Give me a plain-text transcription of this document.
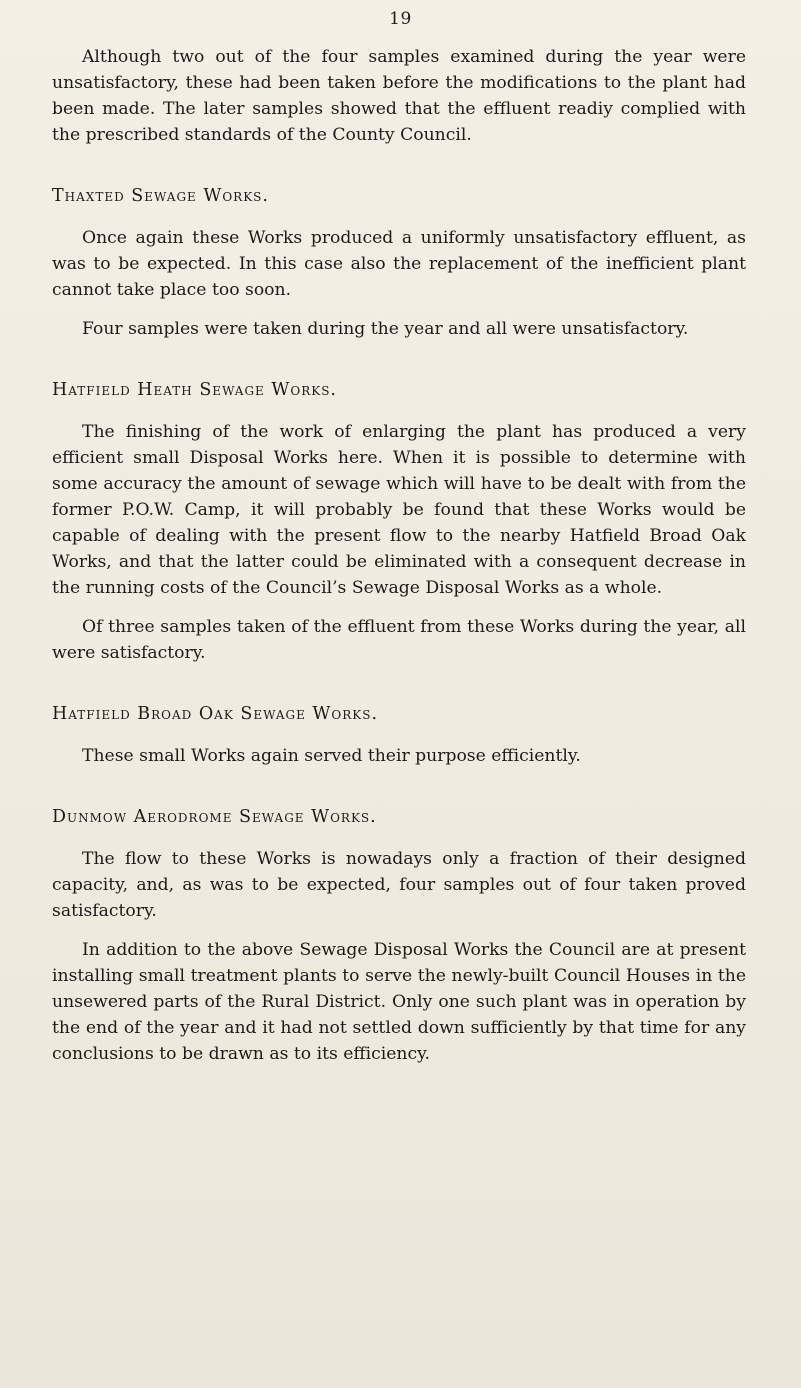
19

Although two out of the four samples examined during the year were unsatisfactory, these had been taken before the modifications to the plant had been made. The later samples showed that the effluent readiy complied with the prescribed standards of the County Council.

Thaxted Sewage Works.

Once again these Works produced a uniformly unsatisfactory effluent, as was to be expected. In this case also the replacement of the inefficient plant cannot take place too soon.

Four samples were taken during the year and all were unsatisfactory.

Hatfield Heath Sewage Works.

The finishing of the work of enlarging the plant has produced a very efficient small Disposal Works here. When it is possible to determine with some accuracy the amount of sewage which will have to be dealt with from the former P.O.W. Camp, it will probably be found that these Works would be capable of dealing with the present flow to the nearby Hatfield Broad Oak Works, and that the latter could be eliminated with a consequent decrease in the running costs of the Council’s Sewage Disposal Works as a whole.

Of three samples taken of the effluent from these Works during the year, all were satisfactory.

Hatfield Broad Oak Sewage Works.

These small Works again served their purpose efficiently.

Dunmow Aerodrome Sewage Works.

The flow to these Works is nowadays only a fraction of their designed capacity, and, as was to be expected, four samples out of four taken proved satisfactory.

In addition to the above Sewage Disposal Works the Council are at present installing small treatment plants to serve the newly-built Council Houses in the unsewered parts of the Rural District. Only one such plant was in operation by the end of the year and it had not settled down sufficiently by that time for any conclusions to be drawn as to its efficiency.
